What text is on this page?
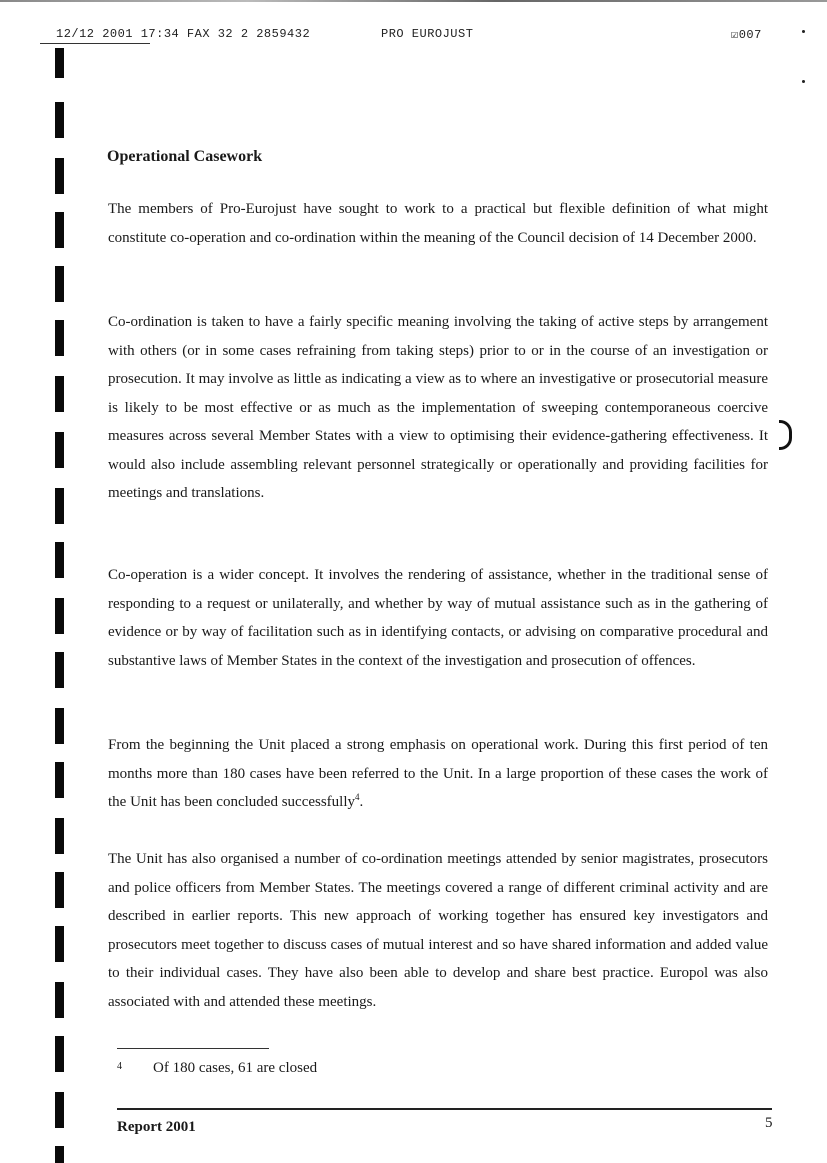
12/12 2001 17:34 FAX 32 2 2859432	PRO EUROJUST	☑007
Operational Casework

The members of Pro-Eurojust have sought to work to a practical but flexible definition of what might constitute co-operation and co-ordination within the meaning of the Council decision of 14 December 2000.

Co-ordination is taken to have a fairly specific meaning involving the taking of active steps by arrangement with others (or in some cases refraining from taking steps) prior to or in the course of an investigation or prosecution. It may involve as little as indicating a view as to where an investigative or prosecutorial measure is likely to be most effective or as much as the implementation of sweeping contemporaneous coercive measures across several Member States with a view to optimising their evidence-gathering effectiveness. It would also include assembling relevant personnel strategically or operationally and providing facilities for meetings and translations.

Co-operation is a wider concept. It involves the rendering of assistance, whether in the traditional sense of responding to a request or unilaterally, and whether by way of mutual assistance such as in the gathering of evidence or by way of facilitation such as in identifying contacts, or advising on comparative procedural and substantive laws of Member States in the context of the investigation and prosecution of offences.

From the beginning the Unit placed a strong emphasis on operational work. During this first period of ten months more than 180 cases have been referred to the Unit. In a large proportion of these cases the work of the Unit has been concluded successfully$^4$.

The Unit has also organised a number of co-ordination meetings attended by senior magistrates, prosecutors and police officers from Member States. The meetings covered a range of different criminal activity and are described in earlier reports. This new approach of working together has ensured key investigators and prosecutors meet together to discuss cases of mutual interest and so have shared information and added value to their individual cases. They have also been able to develop and share best practice. Europol was also associated with and attended these meetings.

4 Of 180 cases, 61 are closed

Report 2001	5
